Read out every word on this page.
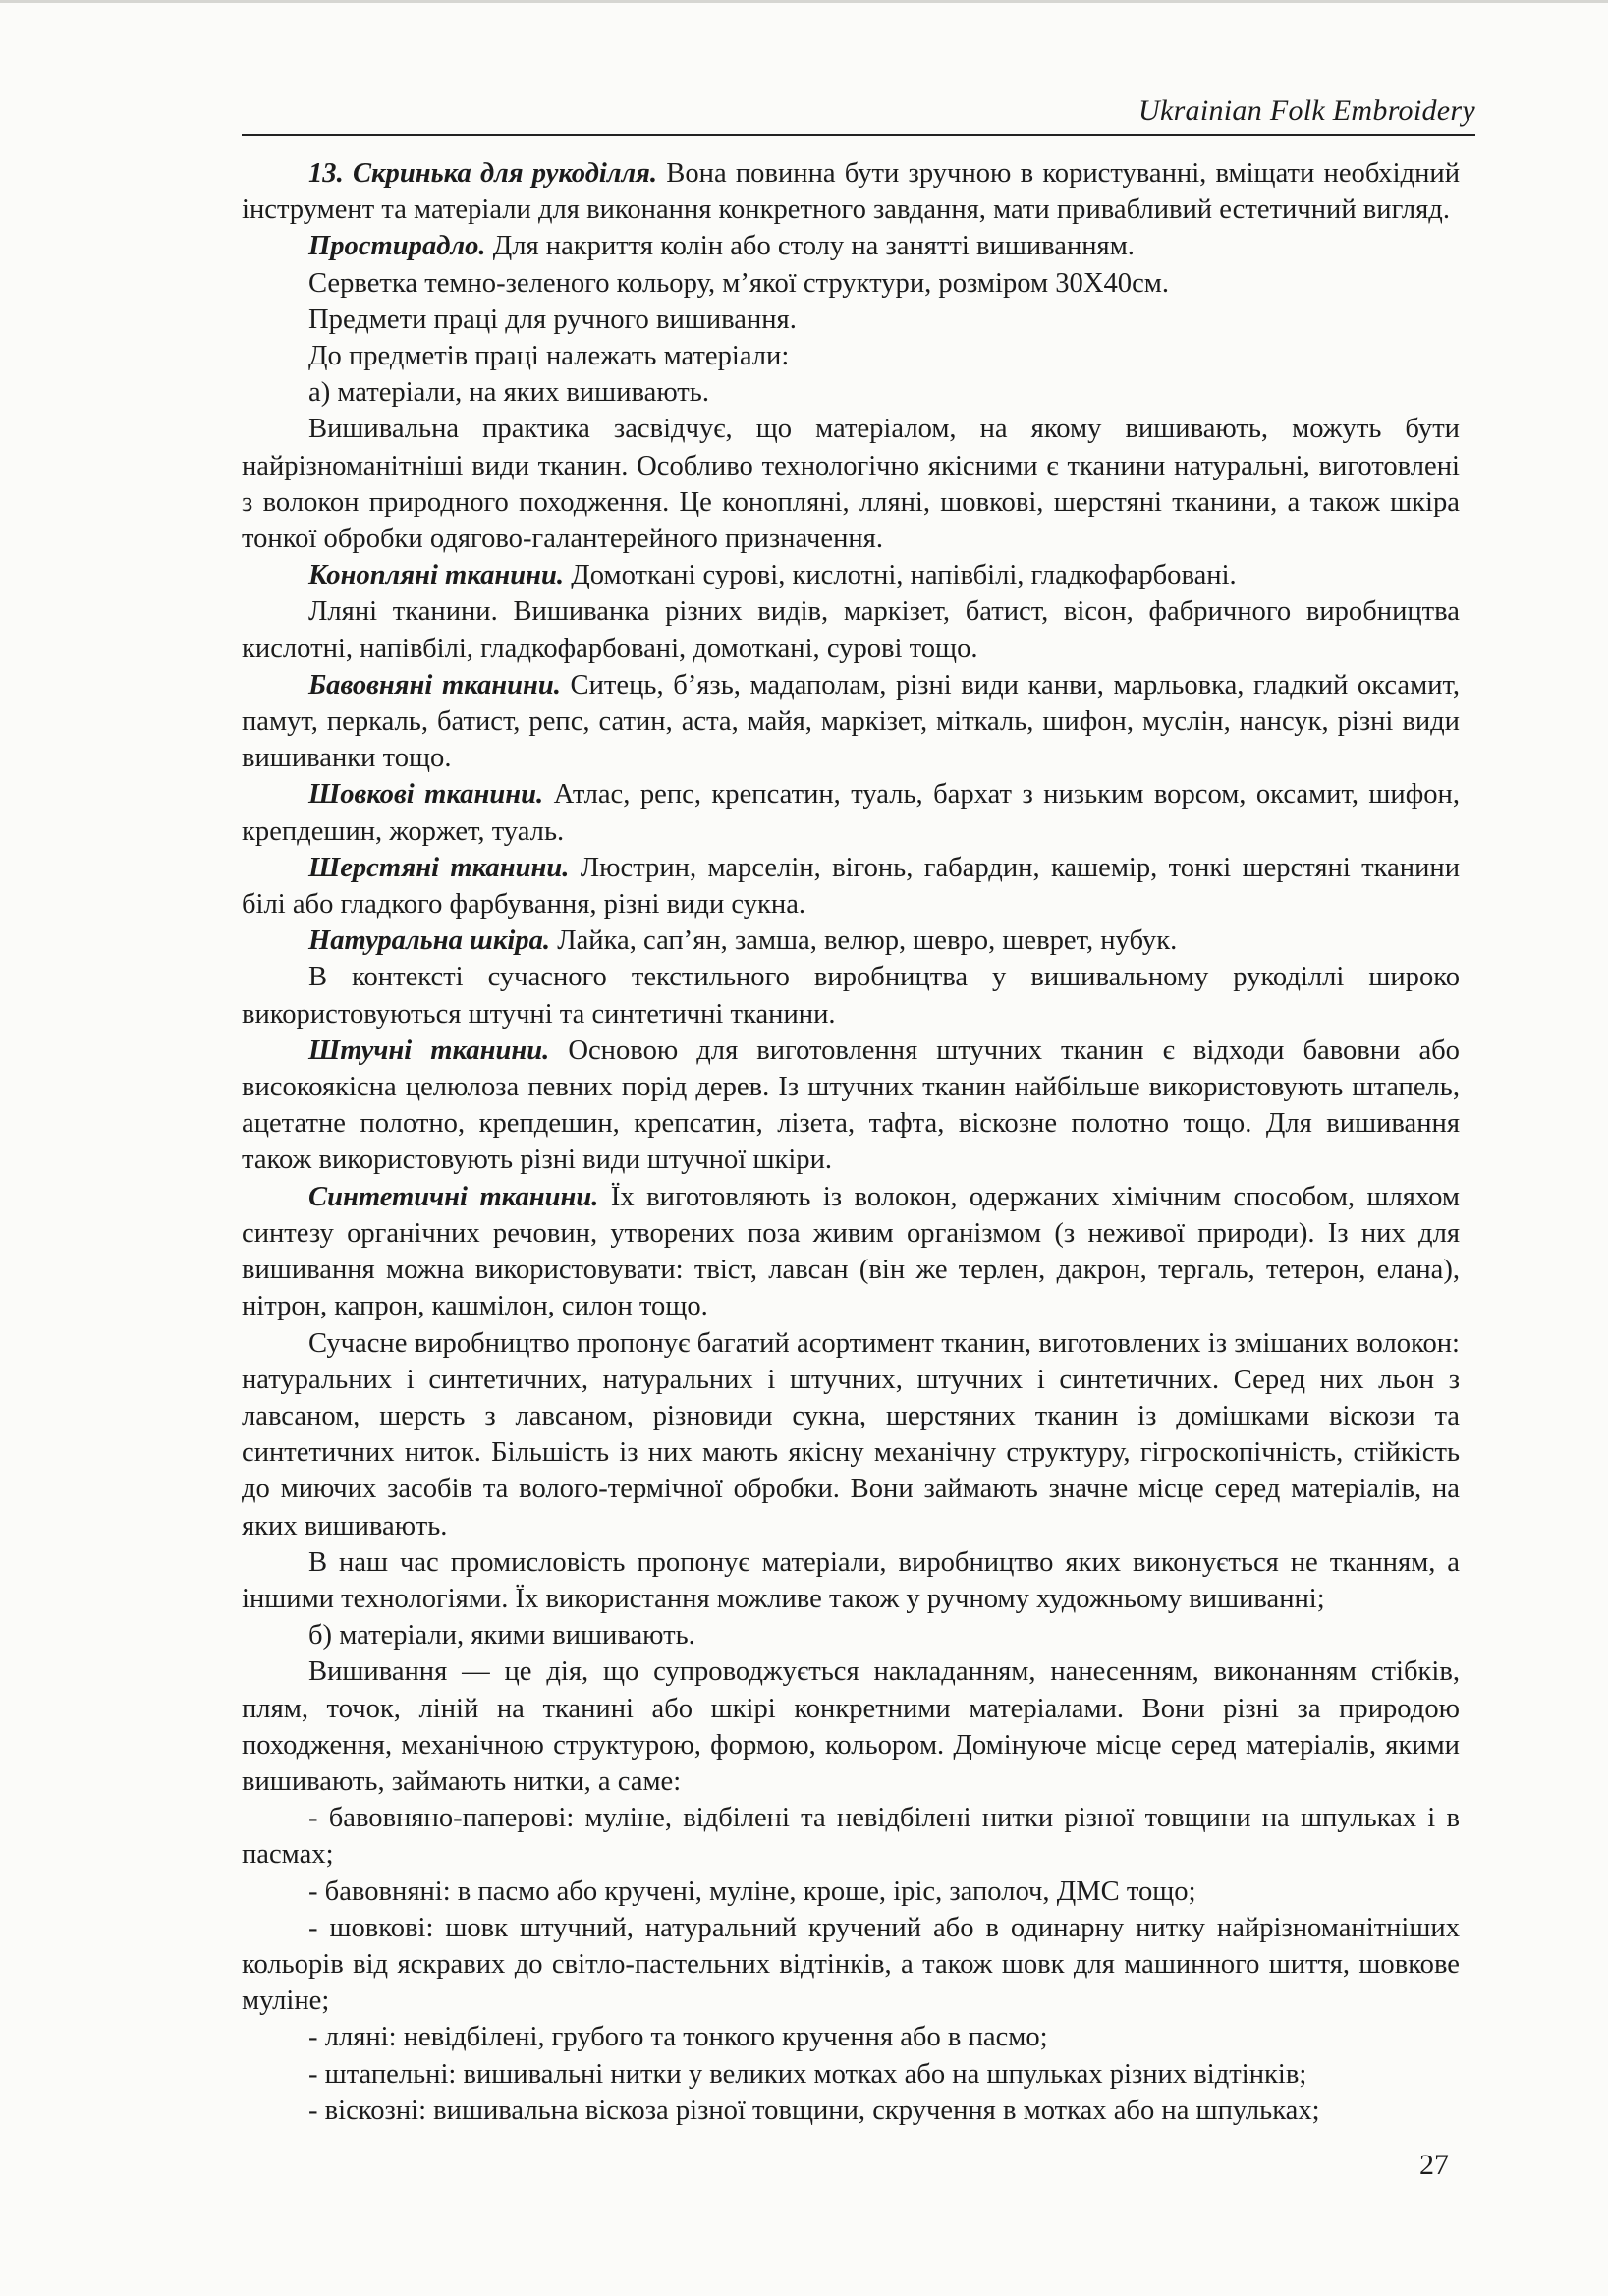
Ukrainian Folk Embroidery

13. Скринька для рукоділля. Вона повинна бути зручною в користуванні, вміщати необхідний інструмент та матеріали для виконання конкретного завдання, мати привабливий естетичний вигляд.

Простирадло. Для накриття колін або столу на занятті вишиванням.

Серветка темно-зеленого кольору, м’якої структури, розміром 30Х40см.

Предмети праці для ручного вишивання.

До предметів праці належать матеріали:

а) матеріали, на яких вишивають.

Вишивальна практика засвідчує, що матеріалом, на якому вишивають, можуть бути найрізноманітніші види тканин. Особливо технологічно якісними є тканини натуральні, виготовлені з волокон природного походження. Це конопляні, лляні, шовкові, шерстяні тканини, а також шкіра тонкої обробки одягово-галантерейного призначення.

Конопляні тканини. Домоткані сурові, кислотні, напівбілі, гладкофарбовані.

Лляні тканини. Вишиванка різних видів, маркізет, батист, вісон, фабричного виробництва кислотні, напівбілі, гладкофарбовані, домоткані, сурові тощо.

Бавовняні тканини. Ситець, б’язь, мадаполам, різні види канви, марльовка, гладкий оксамит, памут, перкаль, батист, репс, сатин, аста, майя, маркізет, міткаль, шифон, муслін, нансук, різні види вишиванки тощо.

Шовкові тканини. Атлас, репс, крепсатин, туаль, бархат з низьким ворсом, оксамит, шифон, крепдешин, жоржет, туаль.

Шерстяні тканини. Люстрин, марселін, вігонь, габардин, кашемір, тонкі шерстяні тканини білі або гладкого фарбування, різні види сукна.

Натуральна шкіра. Лайка, сап’ян, замша, велюр, шевро, шеврет, нубук.

В контексті сучасного текстильного виробництва у вишивальному рукоділлі широко використовуються штучні та синтетичні тканини.

Штучні тканини. Основою для виготовлення штучних тканин є відходи бавовни або високоякісна целюлоза певних порід дерев. Із штучних тканин найбільше використовують штапель, ацетатне полотно, крепдешин, крепсатин, лізета, тафта, віскозне полотно тощо. Для вишивання також використовують різні види штучної шкіри.

Синтетичні тканини. Їх виготовляють із волокон, одержаних хімічним способом, шляхом синтезу органічних речовин, утворених поза живим організмом (з неживої природи). Із них для вишивання можна використовувати: твіст, лавсан (він же терлен, дакрон, тергаль, тетерон, елана), нітрон, капрон, кашмілон, силон тощо.

Сучасне виробництво пропонує багатий асортимент тканин, виготовлених із змішаних волокон: натуральних і синтетичних, натуральних і штучних, штучних і синтетичних. Серед них льон з лавсаном, шерсть з лавсаном, різновиди сукна, шерстяних тканин із домішками віскози та синтетичних ниток. Більшість із них мають якісну механічну структуру, гігроскопічність, стійкість до миючих засобів та волого-термічної обробки. Вони займають значне місце серед матеріалів, на яких вишивають.

В наш час промисловість пропонує матеріали, виробництво яких виконується не тканням, а іншими технологіями. Їх використання можливе також у ручному художньому вишиванні;

б) матеріали, якими вишивають.

Вишивання — це дія, що супроводжується накладанням, нанесенням, виконанням стібків, плям, точок, ліній на тканині або шкірі конкретними матеріалами. Вони різні за природою походження, механічною структурою, формою, кольором. Домінуюче місце серед матеріалів, якими вишивають, займають нитки, а саме:

- бавовняно-паперові: муліне, відбілені та невідбілені нитки різної товщини на шпульках і в пасмах;

- бавовняні: в пасмо або кручені, муліне, кроше, іріс, заполоч, ДМС тощо;

- шовкові: шовк штучний, натуральний кручений або в одинарну нитку найрізноманітніших кольорів від яскравих до світло-пастельних відтінків, а також шовк для машинного шиття, шовкове муліне;

- лляні: невідбілені, грубого та тонкого кручення або в пасмо;

- штапельні: вишивальні нитки у великих мотках або на шпульках різних відтінків;

- віскозні: вишивальна віскоза різної товщини, скручення в мотках або на шпульках;

27
